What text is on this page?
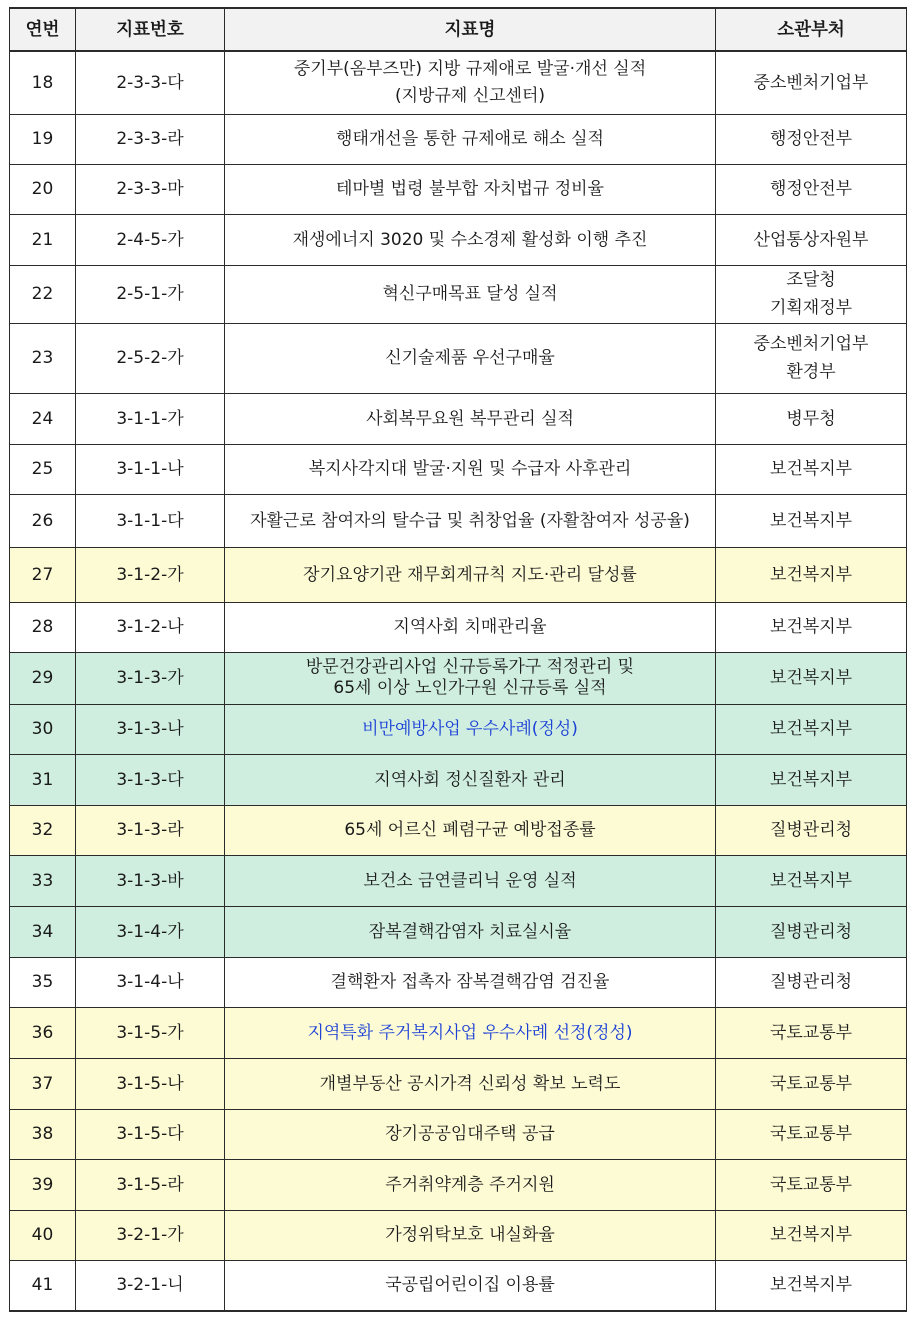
연번	지표번호	지표명	소관부처
18	2-3-3-다	중기부(옴부즈만) 지방 규제애로 발굴·개선 실적(지방규제 신고센터)	중소벤처기업부

19	2-3-3-라	행태개선을 통한 규제애로 해소 실적	행정안전부

20	2-3-3-마	테마별 법령 불부합 자치법규 정비율	행정안전부

21	2-4-5-가	재생에너지 3020 및 수소경제 활성화 이행 추진	산업통상자원부

22	2-5-1-가	혁신구매목표 달성 실적	조달청
기획재정부

23	2-5-2-가	신기술제품 우선구매율	중소벤처기업부
환경부

24	3-1-1-가	사회복무요원 복무관리 실적	병무청

25	3-1-1-나	복지사각지대 발굴·지원 및 수급자 사후관리	보건복지부

26	3-1-1-다	자활근로 참여자의 탈수급 및 취창업율 (자활참여자 성공율)	보건복지부

27	3-1-2-가	장기요양기관 재무회계규칙 지도·관리 달성률	보건복지부

28	3-1-2-나	지역사회 치매관리율	보건복지부

29	3-1-3-가	방문건강관리사업 신규등록가구 적정관리 및65세 이상 노인가구원 신규등록 실적	보건복지부

30	3-1-3-나	비만예방사업 우수사례(정성)	보건복지부

31	3-1-3-다	지역사회 정신질환자 관리	보건복지부

32	3-1-3-라	65세 어르신 폐렴구균 예방접종률	질병관리청

33	3-1-3-바	보건소 금연클리닉 운영 실적	보건복지부

34	3-1-4-가	잠복결핵감염자 치료실시율	질병관리청

35	3-1-4-나	결핵환자 접촉자 잠복결핵감염 검진율	질병관리청

36	3-1-5-가	지역특화 주거복지사업 우수사례 선정(정성)	국토교통부

37	3-1-5-나	개별부동산 공시가격 신뢰성 확보 노력도	국토교통부

38	3-1-5-다	장기공공임대주택 공급	국토교통부

39	3-1-5-라	주거취약계층 주거지원	국토교통부

40	3-2-1-가	가정위탁보호 내실화율	보건복지부

41	3-2-1-니	국공립어린이집 이용률	보건복지부
